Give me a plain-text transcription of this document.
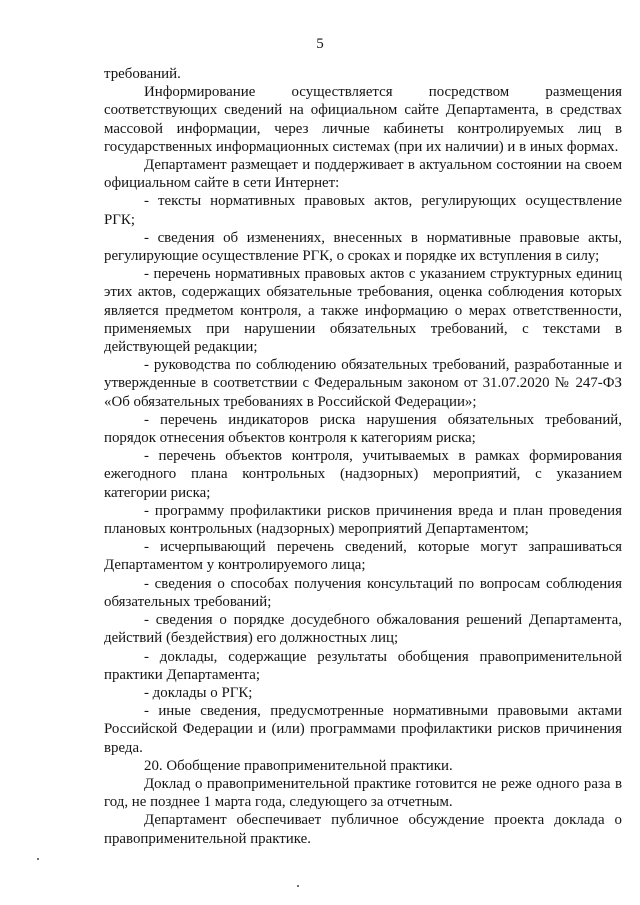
5

требований.

Информирование осуществляется посредством размещения соответствующих сведений на официальном сайте Департамента, в средствах массовой информации, через личные кабинеты контролируемых лиц в государственных информационных системах (при их наличии) и в иных формах.

Департамент размещает и поддерживает в актуальном состоянии на своем официальном сайте в сети Интернет:

- тексты нормативных правовых актов, регулирующих осуществление РГК;

- сведения об изменениях, внесенных в нормативные правовые акты, регулирующие осуществление РГК, о сроках и порядке их вступления в силу;

- перечень нормативных правовых актов с указанием структурных единиц этих актов, содержащих обязательные требования, оценка соблюдения которых является предметом контроля, а также информацию о мерах ответственности, применяемых при нарушении обязательных требований, с текстами в действующей редакции;

- руководства по соблюдению обязательных требований, разработанные и утвержденные в соответствии с Федеральным законом от 31.07.2020 № 247-ФЗ «Об обязательных требованиях в Российской Федерации»;

- перечень индикаторов риска нарушения обязательных требований, порядок отнесения объектов контроля к категориям риска;

- перечень объектов контроля, учитываемых в рамках формирования ежегодного плана контрольных (надзорных) мероприятий, с указанием категории риска;

- программу профилактики рисков причинения вреда и план проведения плановых контрольных (надзорных) мероприятий Департаментом;

- исчерпывающий перечень сведений, которые могут запрашиваться Департаментом у контролируемого лица;

- сведения о способах получения консультаций по вопросам соблюдения обязательных требований;

- сведения о порядке досудебного обжалования решений Департамента, действий (бездействия) его должностных лиц;

- доклады, содержащие результаты обобщения правоприменительной практики Департамента;

- доклады о РГК;

- иные сведения, предусмотренные нормативными правовыми актами Российской Федерации и (или) программами профилактики рисков причинения вреда.

20. Обобщение правоприменительной практики.

Доклад о правоприменительной практике готовится не реже одного раза в год, не позднее 1 марта года, следующего за отчетным.

Департамент обеспечивает публичное обсуждение проекта доклада о правоприменительной практике.
